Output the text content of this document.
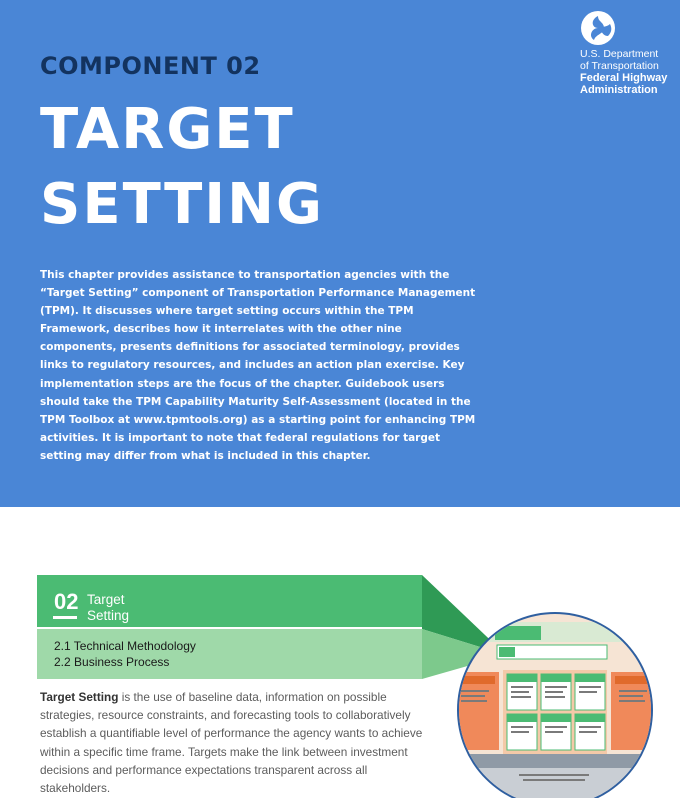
COMPONENT 02
TARGET
SETTING

This chapter provides assistance to transportation agencies with the “Target Setting” component of Transportation Performance Management (TPM). It discusses where target setting occurs within the TPM Framework, describes how it interrelates with the other nine components, presents definitions for associated terminology, provides links to regulatory resources, and includes an action plan exercise. Key implementation steps are the focus of the chapter. Guidebook users should take the TPM Capability Maturity Self-Assessment (located in the TPM Toolbox at www.tpmtools.org) as a starting point for enhancing TPM activities. It is important to note that federal regulations for target setting may differ from what is included in this chapter.

U.S. Department
of Transportation
Federal Highway
Administration
02 Target
Setting
2.1 Technical Methodology
2.2 Business Process

Target Setting is the use of baseline data, information on possible strategies, resource constraints, and forecasting tools to collaboratively establish a quantifiable level of performance the agency wants to achieve within a specific time frame. Targets make the link between investment decisions and performance expectations transparent across all stakeholders.
